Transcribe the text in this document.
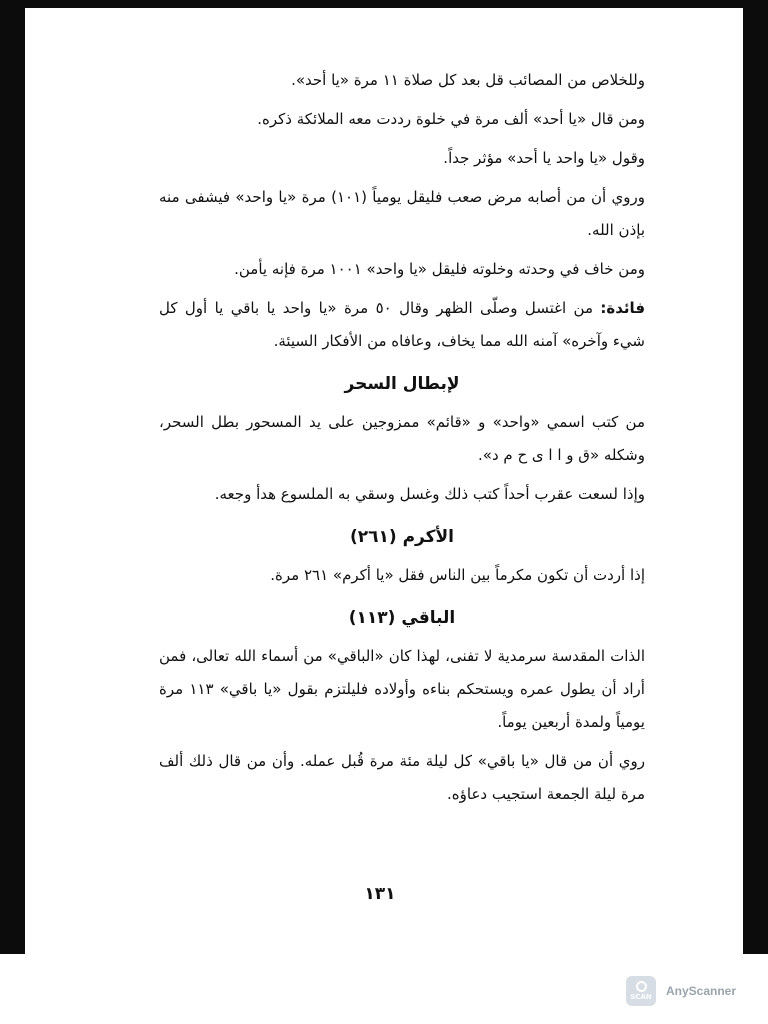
وللخلاص من المصائب قل بعد كل صلاة ١١ مرة «يا أحد».

ومن قال «يا أحد» ألف مرة في خلوة رددت معه الملائكة ذكره.

وقول «يا واحد يا أحد» مؤثر جداً.

وروي أن من أصابه مرض صعب فليقل يومياً (١٠١) مرة «يا واحد» فيشفى منه بإذن الله.

ومن خاف في وحدته وخلوته فليقل «يا واحد» ١٠٠١ مرة فإنه يأمن.

فائدة: من اغتسل وصلّى الظهر وقال ٥٠ مرة «يا واحد يا باقي يا أول كل شيء وآخره» آمنه الله مما يخاف، وعافاه من الأفكار السيئة.

لإبطال السحر

من كتب اسمي «واحد» و «قائم» ممزوجين على يد المسحور بطل السحر، وشكله «ق و ا ا ى ح م د».

وإذا لسعت عقرب أحداً كتب ذلك وغسل وسقي به الملسوع هدأ وجعه.

الأكرم (٢٦١)

إذا أردت أن تكون مكرماً بين الناس فقل «يا أكرم» ٢٦١ مرة.

الباقي (١١٣)

الذات المقدسة سرمدية لا تفنى، لهذا كان «الباقي» من أسماء الله تعالى، فمن أراد أن يطول عمره ويستحكم بناءه وأولاده فليلتزم بقول «يا باقي» ١١٣ مرة يومياً ولمدة أربعين يوماً.

روي أن من قال «يا باقي» كل ليلة مئة مرة قُبل عمله. وأن من قال ذلك ألف مرة ليلة الجمعة استجيب دعاؤه.

١٣١
SCAN AnyScanner
